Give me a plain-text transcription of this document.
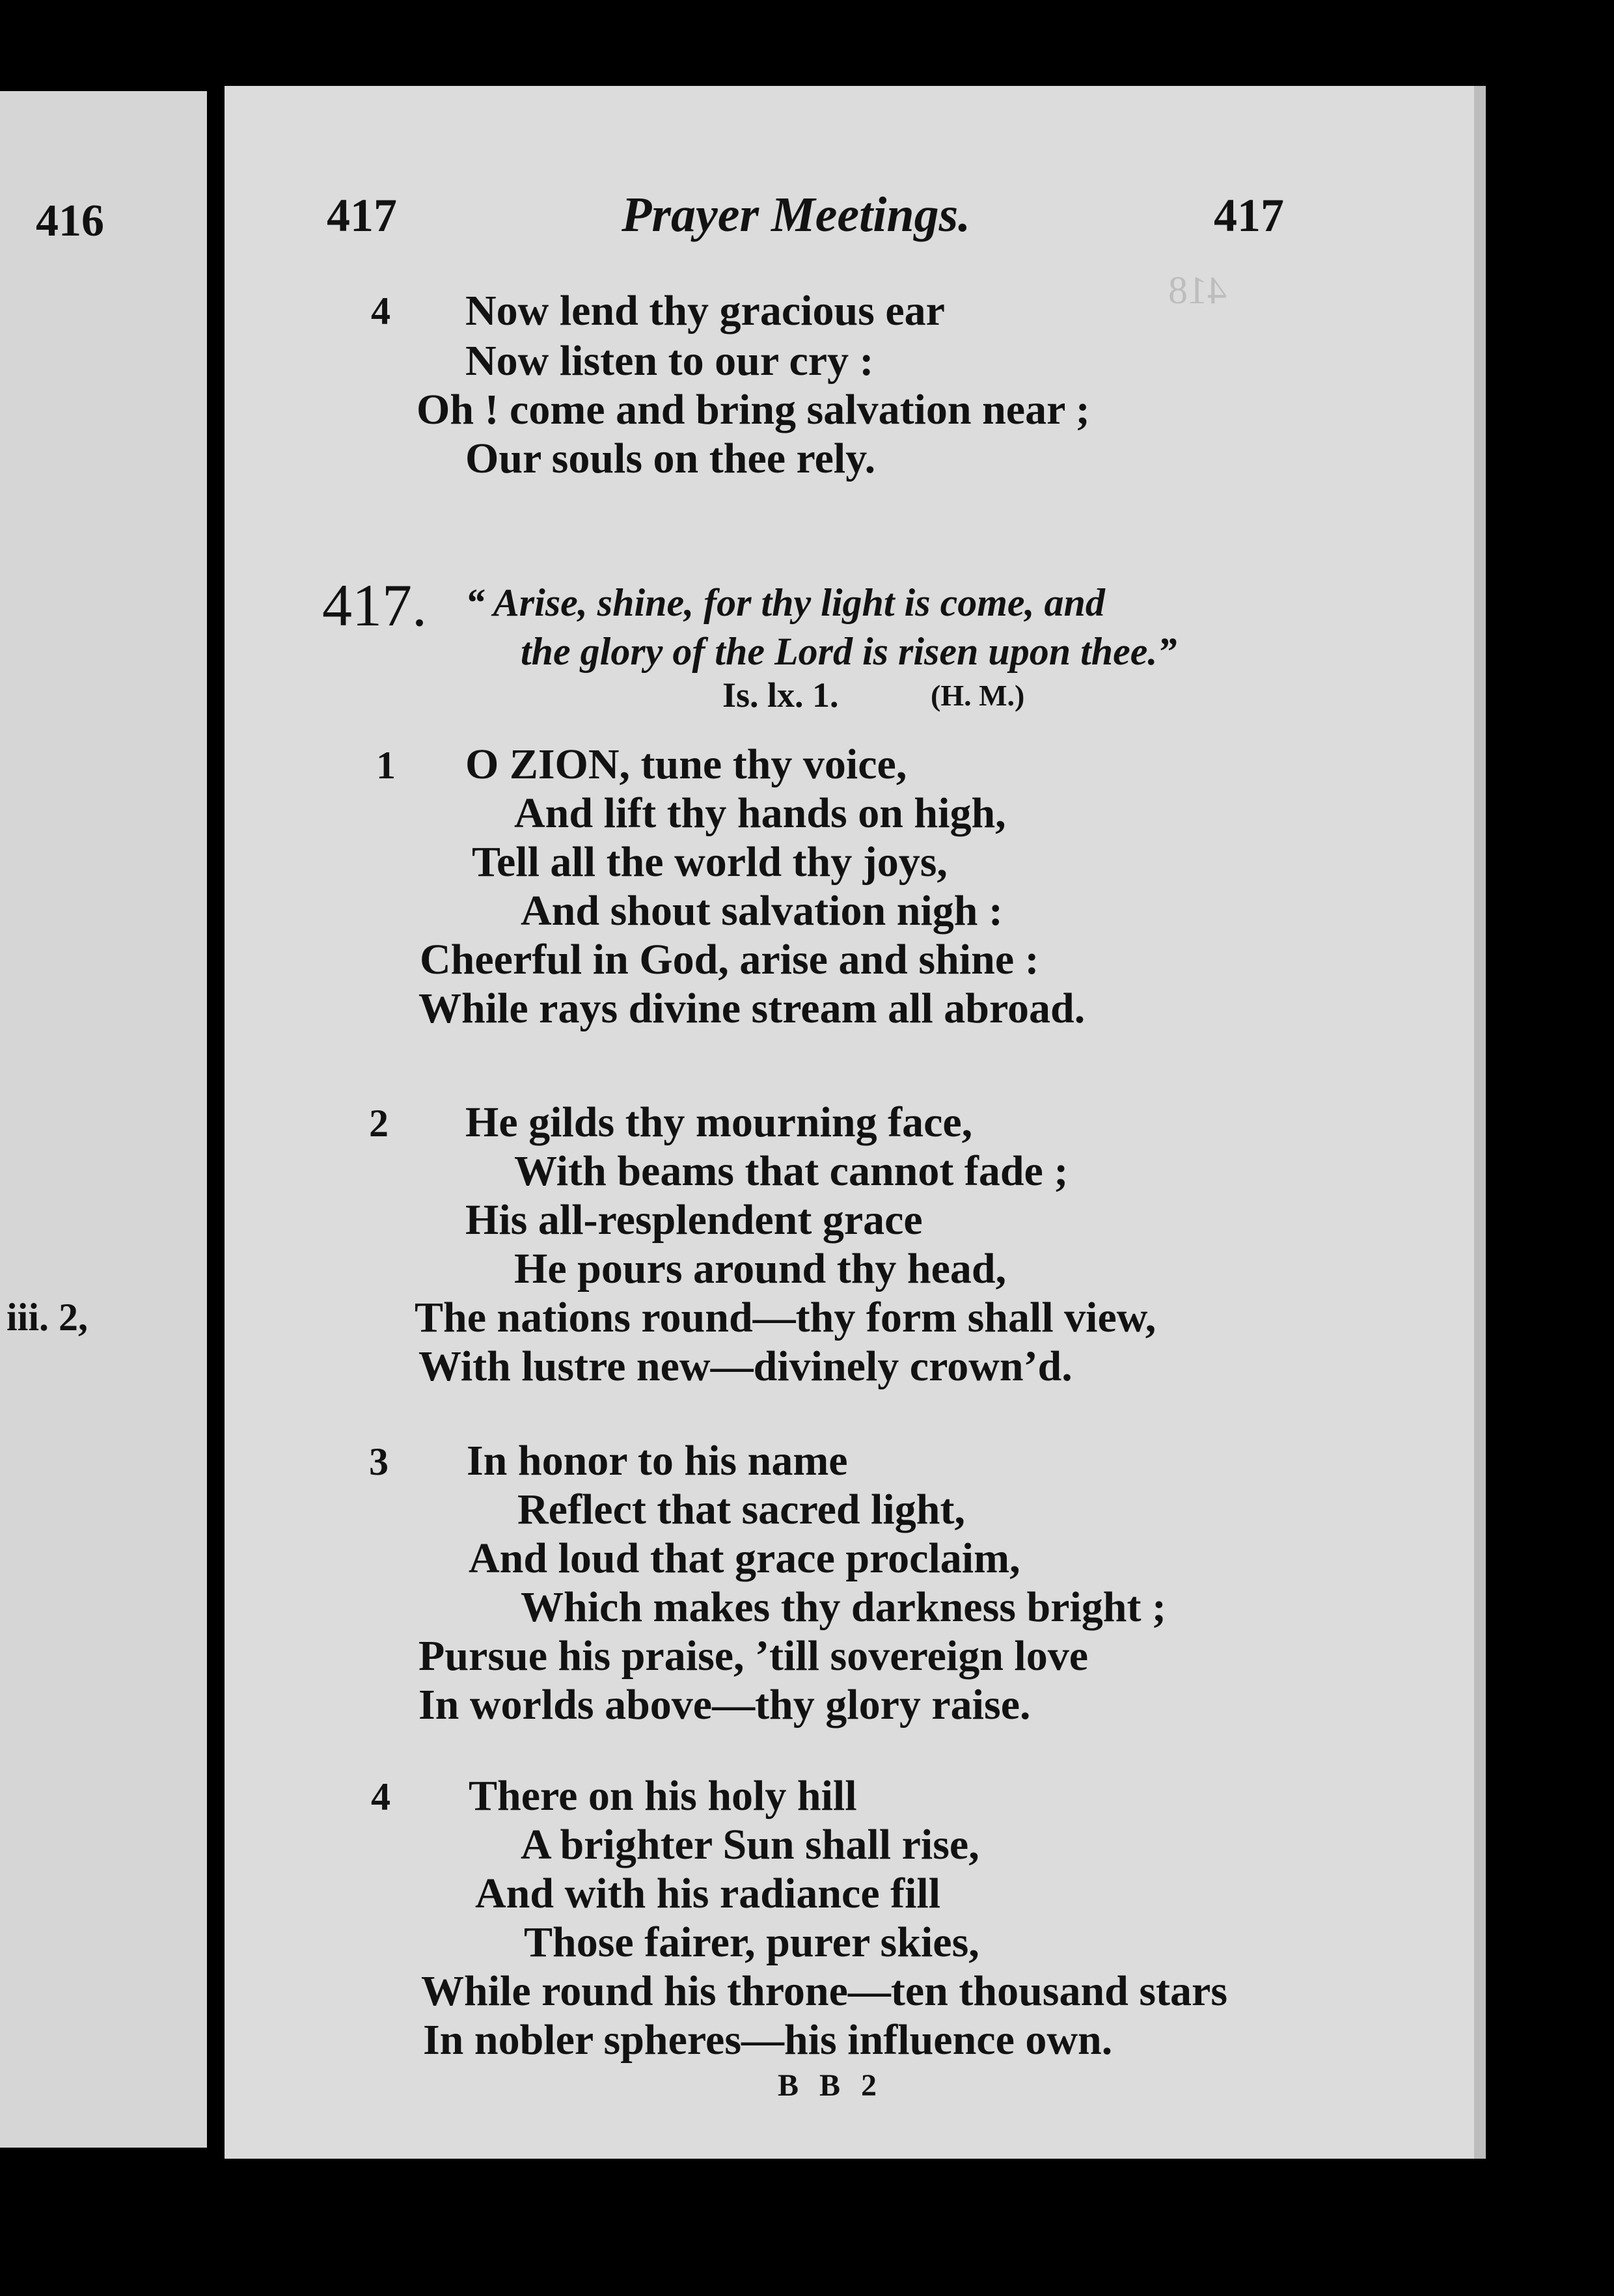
416
iii. 2,
418
417	Prayer Meetings.	417
4 Now lend thy gracious ear
Now listen to our cry :
Oh ! come and bring salvation near ;
Our souls on thee rely.
417. “ Arise, shine, for thy light is come, and
the glory of the Lord is risen upon thee.”
Is. lx. 1.	(H. M.)
1 O ZION, tune thy voice,
And lift thy hands on high,
Tell all the world thy joys,
And shout salvation nigh :
Cheerful in God, arise and shine :
While rays divine stream all abroad.
2 He gilds thy mourning face,
With beams that cannot fade ;
His all-resplendent grace
He pours around thy head,
The nations round—thy form shall view,
With lustre new—divinely crown’d.
3 In honor to his name
Reflect that sacred light,
And loud that grace proclaim,
Which makes thy darkness bright ;
Pursue his praise, ’till sovereign love
In worlds above—thy glory raise.
4 There on his holy hill
A brighter Sun shall rise,
And with his radiance fill
Those fairer, purer skies,
While round his throne—ten thousand stars
In nobler spheres—his influence own.
B B 2
